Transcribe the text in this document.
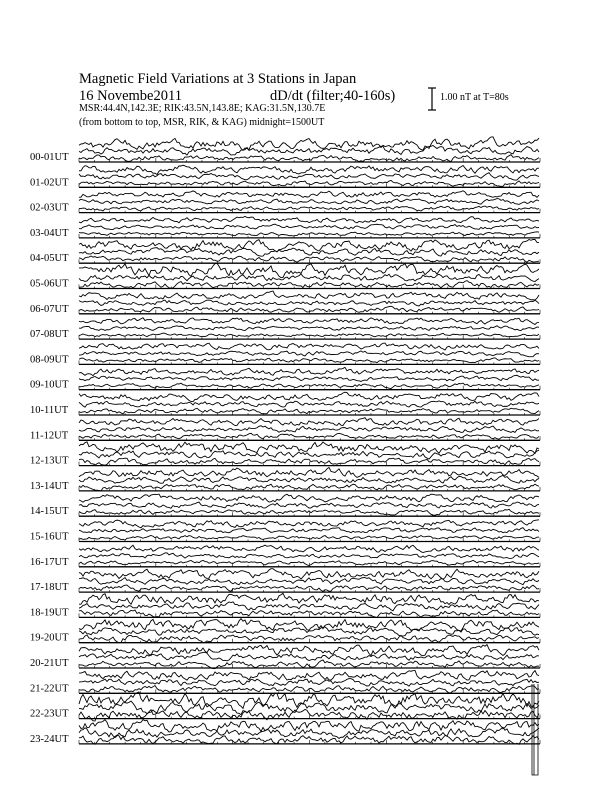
Magnetic Field Variations at 3 Stations in Japan
16 Novembe2011	dD/dt (filter;40-160s)
MSR:44.4N,142.3E; RIK:43.5N,143.8E; KAG:31.5N,130.7E
(from bottom to top, MSR, RIK, & KAG) midnight=1500UT
1.00 nT at T=80s
00-01UT
01-02UT
02-03UT
03-04UT
04-05UT
05-06UT
06-07UT
07-08UT
08-09UT
09-10UT
10-11UT
11-12UT
12-13UT
13-14UT
14-15UT
15-16UT
16-17UT
17-18UT
18-19UT
19-20UT
20-21UT
21-22UT
22-23UT
23-24UT
